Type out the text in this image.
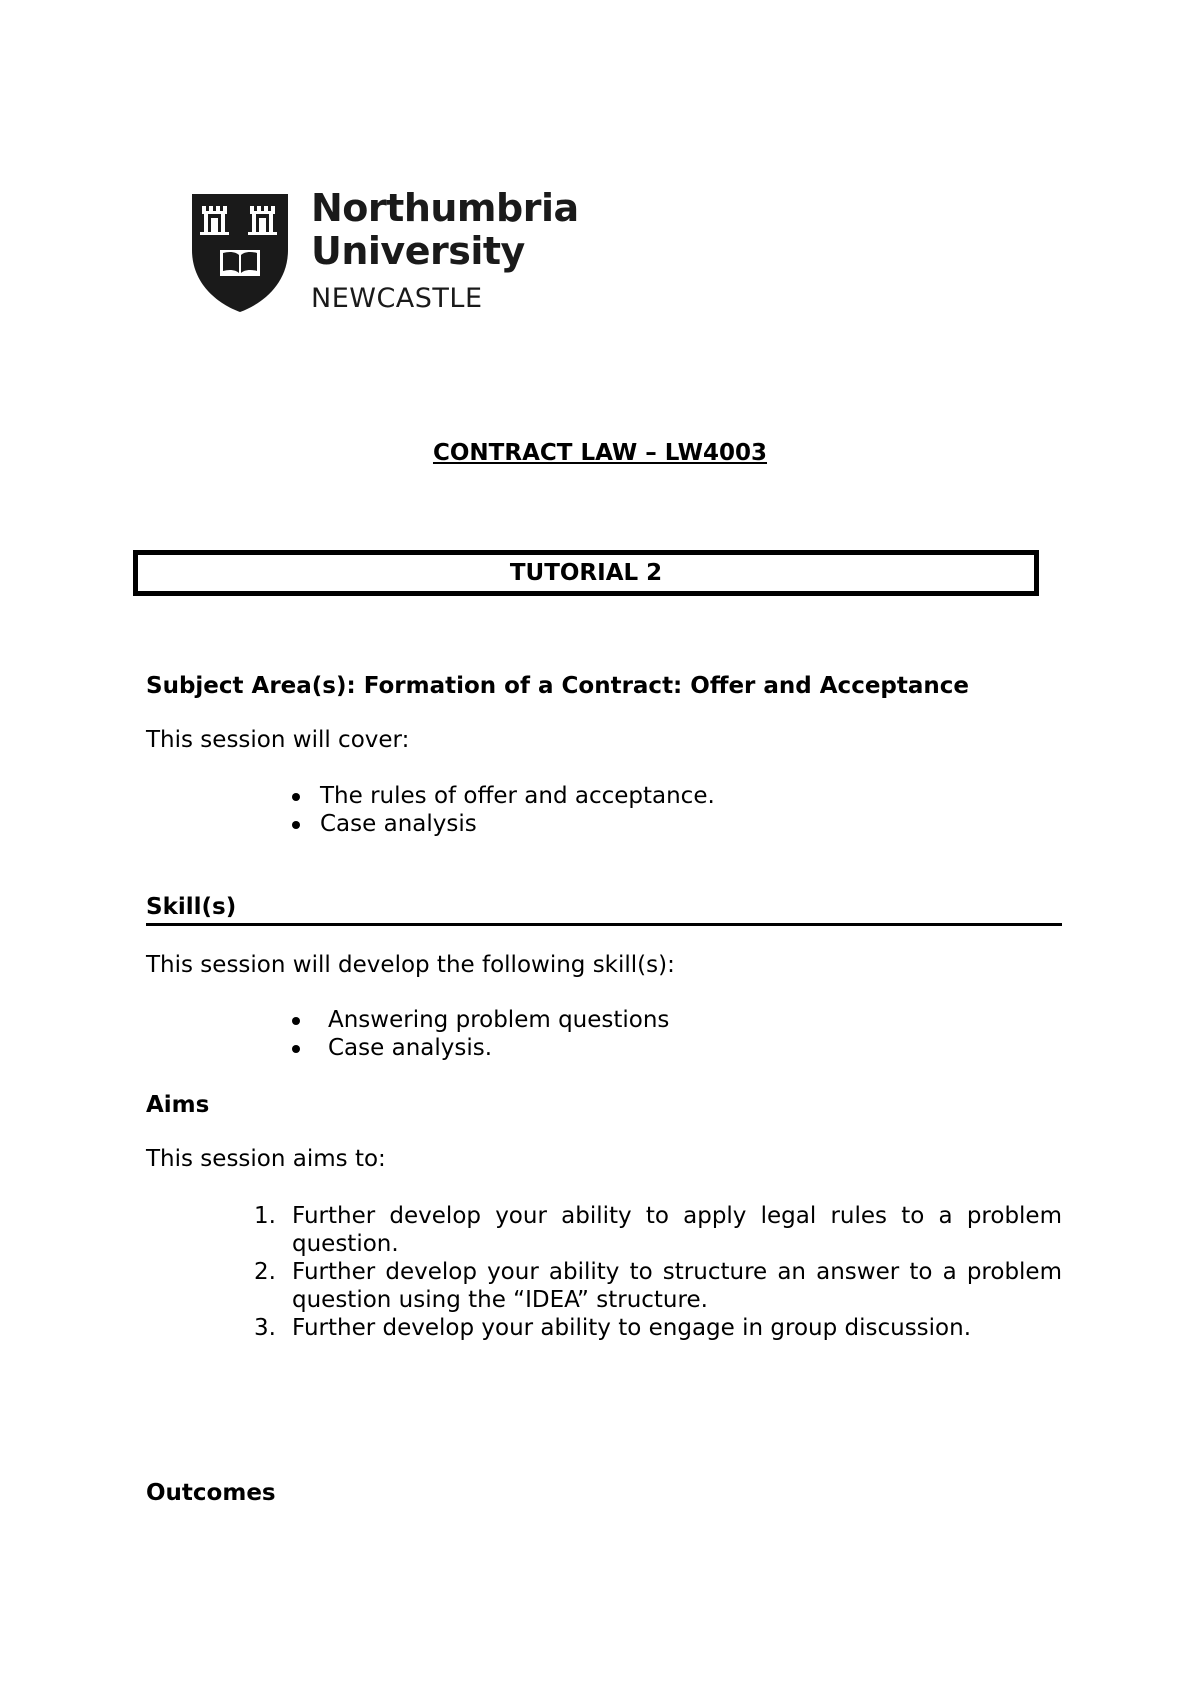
Northumbria
University
NEWCASTLE
CONTRACT LAW – LW4003
TUTORIAL 2
Subject Area(s): Formation of a Contract: Offer and Acceptance
This session will cover:
The rules of offer and acceptance.
Case analysis
Skill(s)
This session will develop the following skill(s):
Answering problem questions
Case analysis.
Aims
This session aims to:
1. Further develop your ability to apply legal rules to a problem question.
2. Further develop your ability to structure an answer to a problem question using the “IDEA” structure.
3. Further develop your ability to engage in group discussion.
Outcomes
